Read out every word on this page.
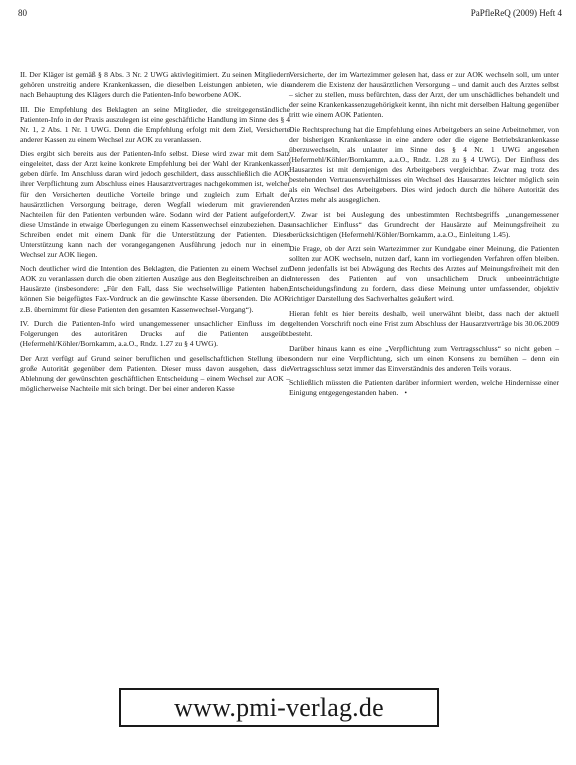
80	PaPfleReQ (2009) Heft 4

II. Der Kläger ist gemäß § 8 Abs. 3 Nr. 2 UWG aktivlegitimiert. Zu seinen Mitgliedern gehören unstreitig andere Krankenkassen, die dieselben Leistungen anbieten, wie die nach Behauptung des Klägers durch die Patienten-Info beworbene AOK.

III. Die Empfehlung des Beklagten an seine Mitglieder, die streitgegenständliche Patienten-Info in der Praxis auszulegen ist eine geschäftliche Handlung im Sinne des § 4 Nr. 1, 2 Abs. 1 Nr. 1 UWG. Denn die Empfehlung erfolgt mit dem Ziel, Versicherte anderer Kassen zu einem Wechsel zur AOK zu veranlassen.

Dies ergibt sich bereits aus der Patienten-Info selbst. Diese wird zwar mit dem Satz eingeleitet, dass der Arzt keine konkrete Empfehlung bei der Wahl der Krankenkassen geben dürfe. Im Anschluss daran wird jedoch geschildert, dass ausschließlich die AOK ihrer Verpflichtung zum Abschluss eines Hausarztvertrages nachgekommen ist, welcher für den Versicherten deutliche Vorteile bringe und zugleich zum Erhalt der hausärztlichen Versorgung beitrage, deren Wegfall wiederum mit gravierenden Nachteilen für den Patienten verbunden wäre. Sodann wird der Patient aufgefordert, diese Umstände in etwaige Überlegungen zu einem Kassenwechsel einzubeziehen. Das Schreiben endet mit einem Dank für die Unterstützung der Patienten. Diese Unterstützung kann nach der vorangegangenen Ausführung jedoch nur in einem Wechsel zur AOK liegen.

Noch deutlicher wird die Intention des Beklagten, die Patienten zu einem Wechsel zur AOK zu veranlassen durch die oben zitierten Auszüge aus den Begleitschreiben an die Hausärzte (insbesondere: „Für den Fall, dass Sie wechselwillige Patienten haben, können Sie beigefügtes Fax-Vordruck an die gewünschte Kasse übersenden. Die AOK z.B. übernimmt für diese Patienten den gesamten Kassenwechsel-Vorgang“).

IV. Durch die Patienten-Info wird unangemessener unsachlicher Einfluss im der Folgerungen des autoritären Drucks auf die Patienten ausgeübt. (Hefermehl/Köhler/Bornkamm, a.a.O., Rndz. 1.27 zu § 4 UWG).

Der Arzt verfügt auf Grund seiner beruflichen und gesellschaftlichen Stellung über große Autorität gegenüber dem Patienten. Dieser muss davon ausgehen, dass die Ablehnung der gewünschten geschäftlichen Entscheidung – einem Wechsel zur AOK – möglicherweise Nachteile mit sich bringt. Der bei einer anderen Kasse

Versicherte, der im Wartezimmer gelesen hat, dass er zur AOK wechseln soll, um unter anderem die Existenz der hausärztlichen Versorgung – und damit auch des Arztes selbst – sicher zu stellen, muss befürchten, dass der Arzt, der um unschädliches behandelt und der seine Krankenkassenzugehörigkeit kennt, ihn nicht mit derselben Haltung gegenüber tritt wie einem AOK Patienten.

Die Rechtsprechung hat die Empfehlung eines Arbeitgebers an seine Arbeitnehmer, von der bisherigen Krankenkasse in eine andere oder die eigene Betriebskrankenkasse überzuwechseln, als unlauter im Sinne des § 4 Nr. 1 UWG angesehen (Hefermehl/Köhler/Bornkamm, a.a.O., Rndz. 1.28 zu § 4 UWG). Der Einfluss des Hausarztes ist mit demjenigen des Arbeitgebers vergleichbar. Zwar mag trotz des bestehenden Vertrauensverhältnisses ein Wechsel des Hausarztes leichter möglich sein als ein Wechsel des Arbeitgebers. Dies wird jedoch durch die höhere Autorität des Arztes mehr als ausgeglichen.

V. Zwar ist bei Auslegung des unbestimmten Rechtsbegriffs „unangemessener unsachlicher Einfluss“ das Grundrecht der Hausärzte auf Meinungsfreiheit zu berücksichtigen (Hefermehl/Köhler/Bornkamm, a.a.O., Einleitung 1.45).

Die Frage, ob der Arzt sein Wartezimmer zur Kundgabe einer Meinung, die Patienten sollten zur AOK wechseln, nutzen darf, kann im vorliegenden Verfahren offen bleiben. Denn jedenfalls ist bei Abwägung des Rechts des Arztes auf Meinungsfreiheit mit den Interessen des Patienten auf von unsachlichem Druck unbeeinträchtigte Entscheidungsfindung zu fordern, dass diese Meinung unter umfassender, objektiv richtiger Darstellung des Sachverhaltes geäußert wird.

Hieran fehlt es hier bereits deshalb, weil unerwähnt bleibt, dass nach der aktuell geltenden Vorschrift noch eine Frist zum Abschluss der Hausarztverträge bis 30.06.2009 besteht.

Darüber hinaus kann es eine „Verpflichtung zum Vertragsschluss“ so nicht geben – sondern nur eine Verpflichtung, sich um einen Konsens zu bemühen – denn ein Vertragsschluss setzt immer das Einverständnis des anderen Teils voraus.

Schließlich müssten die Patienten darüber informiert werden, welche Hindernisse einer Einigung entgegengestanden haben. •

www.pmi-verlag.de
